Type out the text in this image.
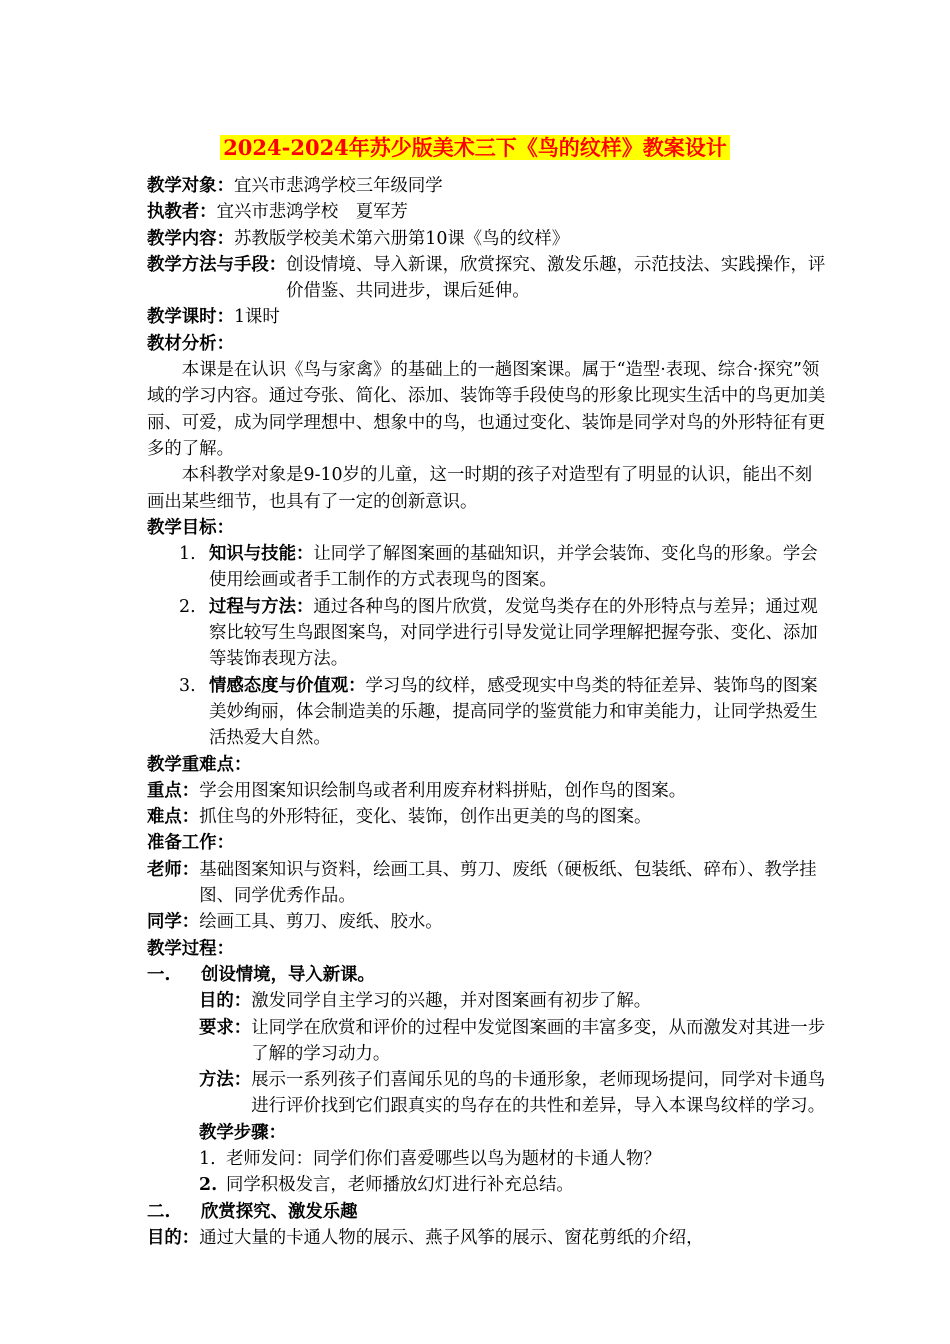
2024-2024年苏少版美术三下《鸟的纹样》教案设计
教学对象：宜兴市悲鸿学校三年级同学
执教者：宜兴市悲鸿学校　夏军芳
教学内容：苏教版学校美术第六册第10课《鸟的纹样》
教学方法与手段： 创设情境、导入新课，欣赏探究、激发乐趣，示范技法、实践操作，评价借鉴、共同进步，课后延伸。
教学课时：1课时
教材分析：
本课是在认识《鸟与家禽》的基础上的一趟图案课。属于“造型·表现、综合·探究”领域的学习内容。通过夸张、简化、添加、装饰等手段使鸟的形象比现实生活中的鸟更加美丽、可爱，成为同学理想中、想象中的鸟，也通过变化、装饰是同学对鸟的外形特征有更多的了解。
本科教学对象是9-10岁的儿童，这一时期的孩子对造型有了明显的认识，能出不刻画出某些细节，也具有了一定的创新意识。
教学目标：
1. 知识与技能：让同学了解图案画的基础知识，并学会装饰、变化鸟的形象。学会使用绘画或者手工制作的方式表现鸟的图案。
2. 过程与方法：通过各种鸟的图片欣赏，发觉鸟类存在的外形特点与差异；通过观察比较写生鸟跟图案鸟，对同学进行引导发觉让同学理解把握夸张、变化、添加等装饰表现方法。
3. 情感态度与价值观：学习鸟的纹样，感受现实中鸟类的特征差异、装饰鸟的图案美妙绚丽，体会制造美的乐趣，提高同学的鉴赏能力和审美能力，让同学热爱生活热爱大自然。
教学重难点：
重点： 学会用图案知识绘制鸟或者利用废弃材料拼贴，创作鸟的图案。
难点： 抓住鸟的外形特征，变化、装饰，创作出更美的鸟的图案。
准备工作：
老师： 基础图案知识与资料，绘画工具、剪刀、废纸（硬板纸、包装纸、碎布）、教学挂图、同学优秀作品。
同学： 绘画工具、剪刀、废纸、胶水。
教学过程：
一.	创设情境，导入新课。
目的： 激发同学自主学习的兴趣，并对图案画有初步了解。
要求： 让同学在欣赏和评价的过程中发觉图案画的丰富多变，从而激发对其进一步了解的学习动力。
方法： 展示一系列孩子们喜闻乐见的鸟的卡通形象，老师现场提问，同学对卡通鸟进行评价找到它们跟真实的鸟存在的共性和差异，导入本课鸟纹样的学习。
教学步骤：
1. 老师发问：同学们你们喜爱哪些以鸟为题材的卡通人物？
2. 同学积极发言，老师播放幻灯进行补充总结。
二.	欣赏探究、激发乐趣
目的：通过大量的卡通人物的展示、燕子风筝的展示、窗花剪纸的介绍，
